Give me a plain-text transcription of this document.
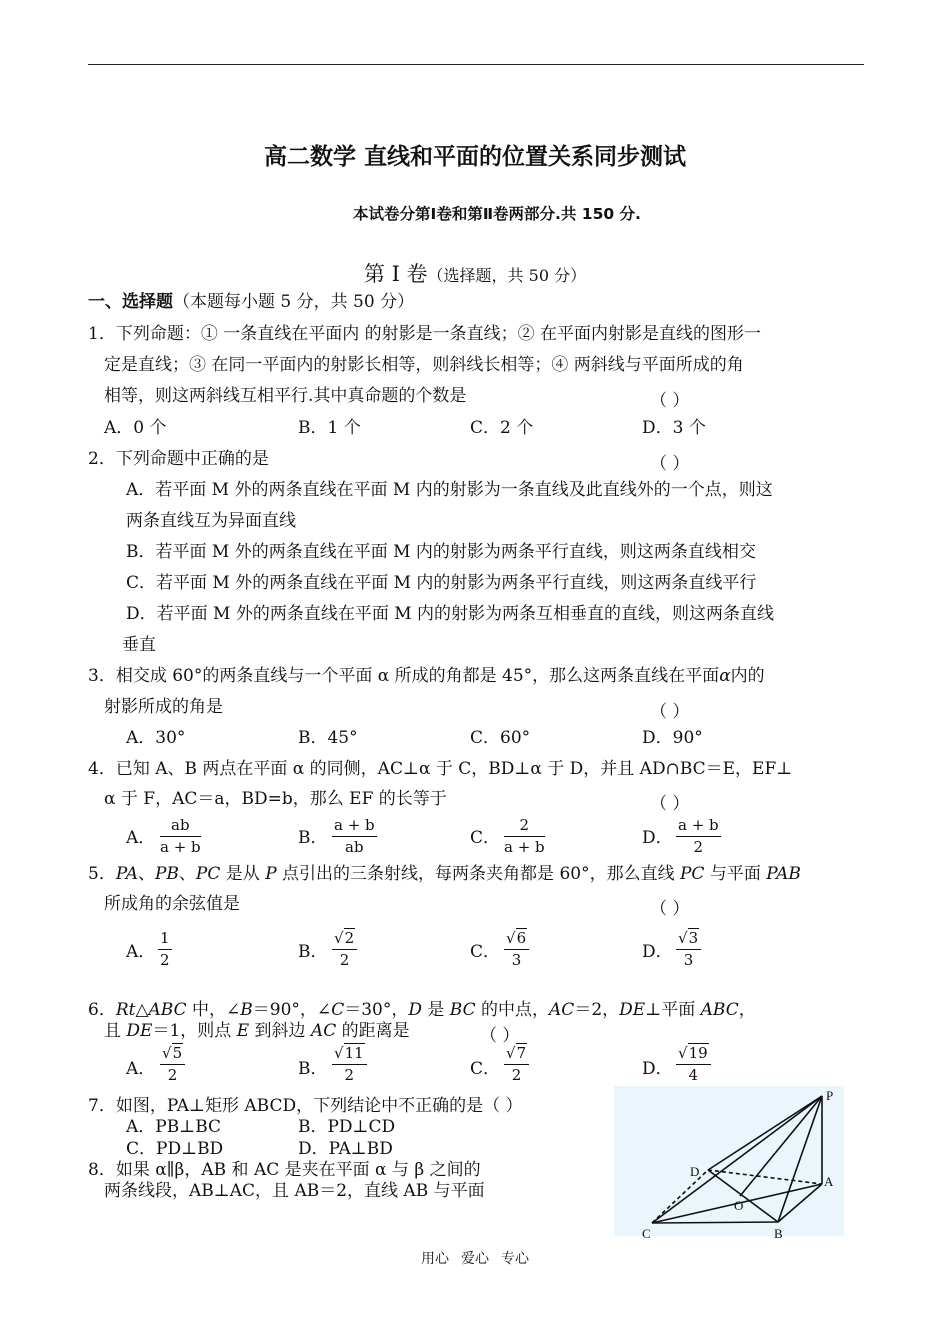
高二数学 直线和平面的位置关系同步测试
本试卷分第Ⅰ卷和第Ⅱ卷两部分.共 150 分.
第 Ⅰ 卷（选择题，共 50 分）
一、选择题（本题每小题 5 分，共 50 分）
1．下列命题：① 一条直线在平面内 的射影是一条直线；② 在平面内射影是直线的图形一
定是直线；③ 在同一平面内的射影长相等，则斜线长相等；④ 两斜线与平面所成的角
相等，则这两斜线互相平行.其中真命题的个数是	（ ）
A．0 个	B．1 个	C．2 个	D．3 个
2．下列命题中正确的是	（ ）
A．若平面 M 外的两条直线在平面 M 内的射影为一条直线及此直线外的一个点，则这
两条直线互为异面直线
B．若平面 M 外的两条直线在平面 M 内的射影为两条平行直线，则这两条直线相交
C．若平面 M 外的两条直线在平面 M 内的射影为两条平行直线，则这两条直线平行
D．若平面 M 外的两条直线在平面 M 内的射影为两条互相垂直的直线，则这两条直线
垂直
3．相交成 60°的两条直线与一个平面 α 所成的角都是 45°，那么这两条直线在平面α内的
射影所成的角是	（ ）
A．30°	B．45°	C．60°	D．90°
4．已知 A、B 两点在平面 α 的同侧，AC⊥α 于 C，BD⊥α 于 D，并且 AD∩BC＝E，EF⊥
α 于 F，AC＝a，BD=b，那么 EF 的长等于	（ ）
A．
ab
a + b	B．
a + b
ab	C．
2
a + b	D．
a + b
2
5．PA、PB、PC 是从 P 点引出的三条射线，每两条夹角都是 60°，那么直线 PC 与平面 PAB
所成角的余弦值是	（ ）
A．
1
2	B．
√2
2	C．
√6
3	D．
√3
3
6．Rt△ABC 中，∠B＝90°，∠C＝30°，D 是 BC 的中点，AC＝2，DE⊥平面 ABC，
且 DE＝1，则点 E 到斜边 AC 的距离是	（ ）
A．
√5
2	B．
√11
2	C．
√7
2	D．
√19
4
7．如图，PA⊥矩形 ABCD，下列结论中不正确的是（ ）
A．PB⊥BC	B．PD⊥CD
C．PD⊥BD	D．PA⊥BD
8．如果 α∥β，AB 和 AC 是夹在平面 α 与 β 之间的
两条线段，AB⊥AC，且 AB＝2，直线 AB 与平面
P
D
A
O
C	B
用心 爱心 专心
